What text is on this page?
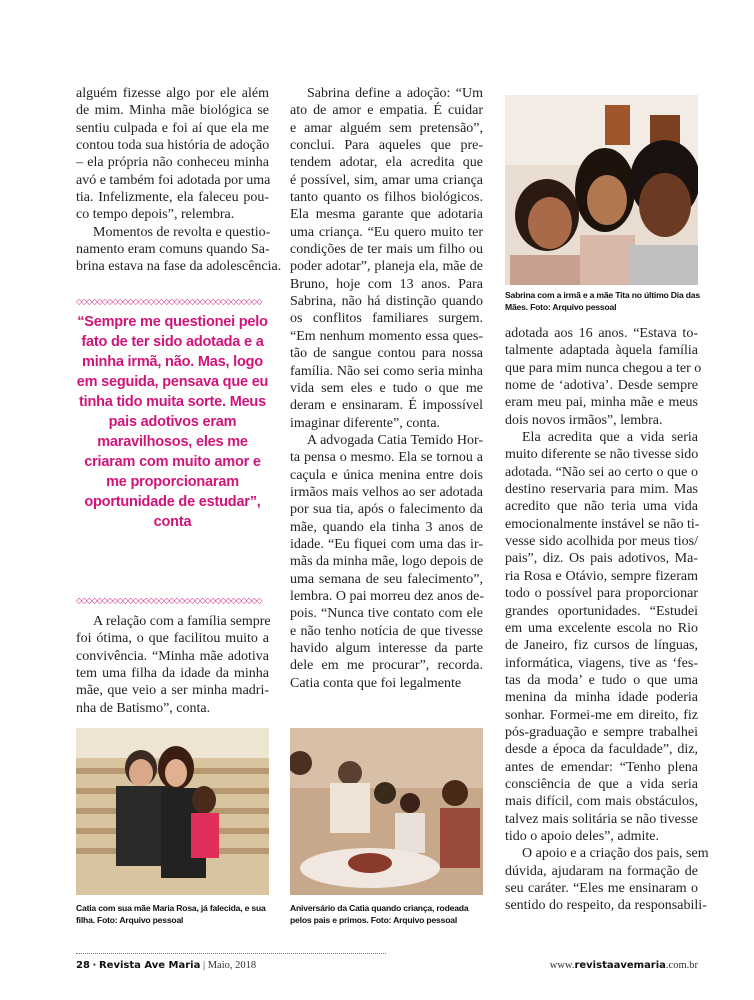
alguém fizesse algo por ele além
de mim. Minha mãe biológica se
sentiu culpada e foi aí que ela me
contou toda sua história de adoção
– ela própria não conheceu minha
avó e também foi adotada por uma
tia. Infelizmente, ela faleceu pou-
co tempo depois”, relembra.
Momentos de revolta e questio-
namento eram comuns quando Sa-
brina estava na fase da adolescência.
◇◇◇◇◇◇◇◇◇◇◇◇◇◇◇◇◇◇◇◇◇◇◇◇◇◇◇◇◇◇◇◇◇◇◇◇
“Sempre me questionei pelo fato de ter sido adotada e a minha irmã, não. Mas, logo em seguida, pensava que eu tinha tido muita sorte. Meus pais adotivos eram maravilhosos, eles me criaram com muito amor e me proporcionaram oportunidade de estudar”, conta
◇◇◇◇◇◇◇◇◇◇◇◇◇◇◇◇◇◇◇◇◇◇◇◇◇◇◇◇◇◇◇◇◇◇◇◇
A relação com a família sempre
foi ótima, o que facilitou muito a
convivência. “Minha mãe adotiva
tem uma filha da idade da minha
mãe, que veio a ser minha madri-
nha de Batismo”, conta.
Sabrina define a adoção: “Um
ato de amor e empatia. É cuidar
e amar alguém sem pretensão”,
conclui. Para aqueles que pre-
tendem adotar, ela acredita que
é possível, sim, amar uma criança
tanto quanto os filhos biológicos.
Ela mesma garante que adotaria
uma criança. “Eu quero muito ter
condições de ter mais um filho ou
poder adotar”, planeja ela, mãe de
Bruno, hoje com 13 anos. Para
Sabrina, não há distinção quando
os conflitos familiares surgem.
“Em nenhum momento essa ques-
tão de sangue contou para nossa
família. Não sei como seria minha
vida sem eles e tudo o que me
deram e ensinaram. É impossível
imaginar diferente”, conta.
A advogada Catia Temido Hor-
ta pensa o mesmo. Ela se tornou a
caçula e única menina entre dois
irmãos mais velhos ao ser adotada
por sua tia, após o falecimento da
mãe, quando ela tinha 3 anos de
idade. “Eu fiquei com uma das ir-
mãs da minha mãe, logo depois de
uma semana de seu falecimento”,
lembra. O pai morreu dez anos de-
pois. “Nunca tive contato com ele
e não tenho notícia de que tivesse
havido algum interesse da parte
dele em me procurar”, recorda.
Catia conta que foi legalmente
adotada aos 16 anos. “Estava to-
talmente adaptada àquela família
que para mim nunca chegou a ter o
nome de ‘adotiva’. Desde sempre
eram meu pai, minha mãe e meus
dois novos irmãos”, lembra.
Ela acredita que a vida seria
muito diferente se não tivesse sido
adotada. “Não sei ao certo o que o
destino reservaria para mim. Mas
acredito que não teria uma vida
emocionalmente instável se não ti-
vesse sido acolhida por meus tios/
pais”, diz. Os pais adotivos, Ma-
ria Rosa e Otávio, sempre fizeram
todo o possível para proporcionar
grandes oportunidades. “Estudei
em uma excelente escola no Rio
de Janeiro, fiz cursos de línguas,
informática, viagens, tive as ‘fes-
tas da moda’ e tudo o que uma
menina da minha idade poderia
sonhar. Formei-me em direito, fiz
pós-graduação e sempre trabalhei
desde a época da faculdade”, diz,
antes de emendar: “Tenho plena
consciência de que a vida seria
mais difícil, com mais obstáculos,
talvez mais solitária se não tivesse
tido o apoio deles”, admite.
O apoio e a criação dos pais, sem
dúvida, ajudaram na formação de
seu caráter. “Eles me ensinaram o
sentido do respeito, da responsabili-
Sabrina com a irmã e a mãe Tita no último Dia das Mães. Foto: Arquivo pessoal
Catia com sua mãe Maria Rosa, já falecida, e sua filha. Foto: Arquivo pessoal
Aniversário da Catia quando criança, rodeada pelos pais e primos. Foto: Arquivo pessoal
28 · Revista Ave Maria | Maio, 2018	www.revistaavemaria.com.br
